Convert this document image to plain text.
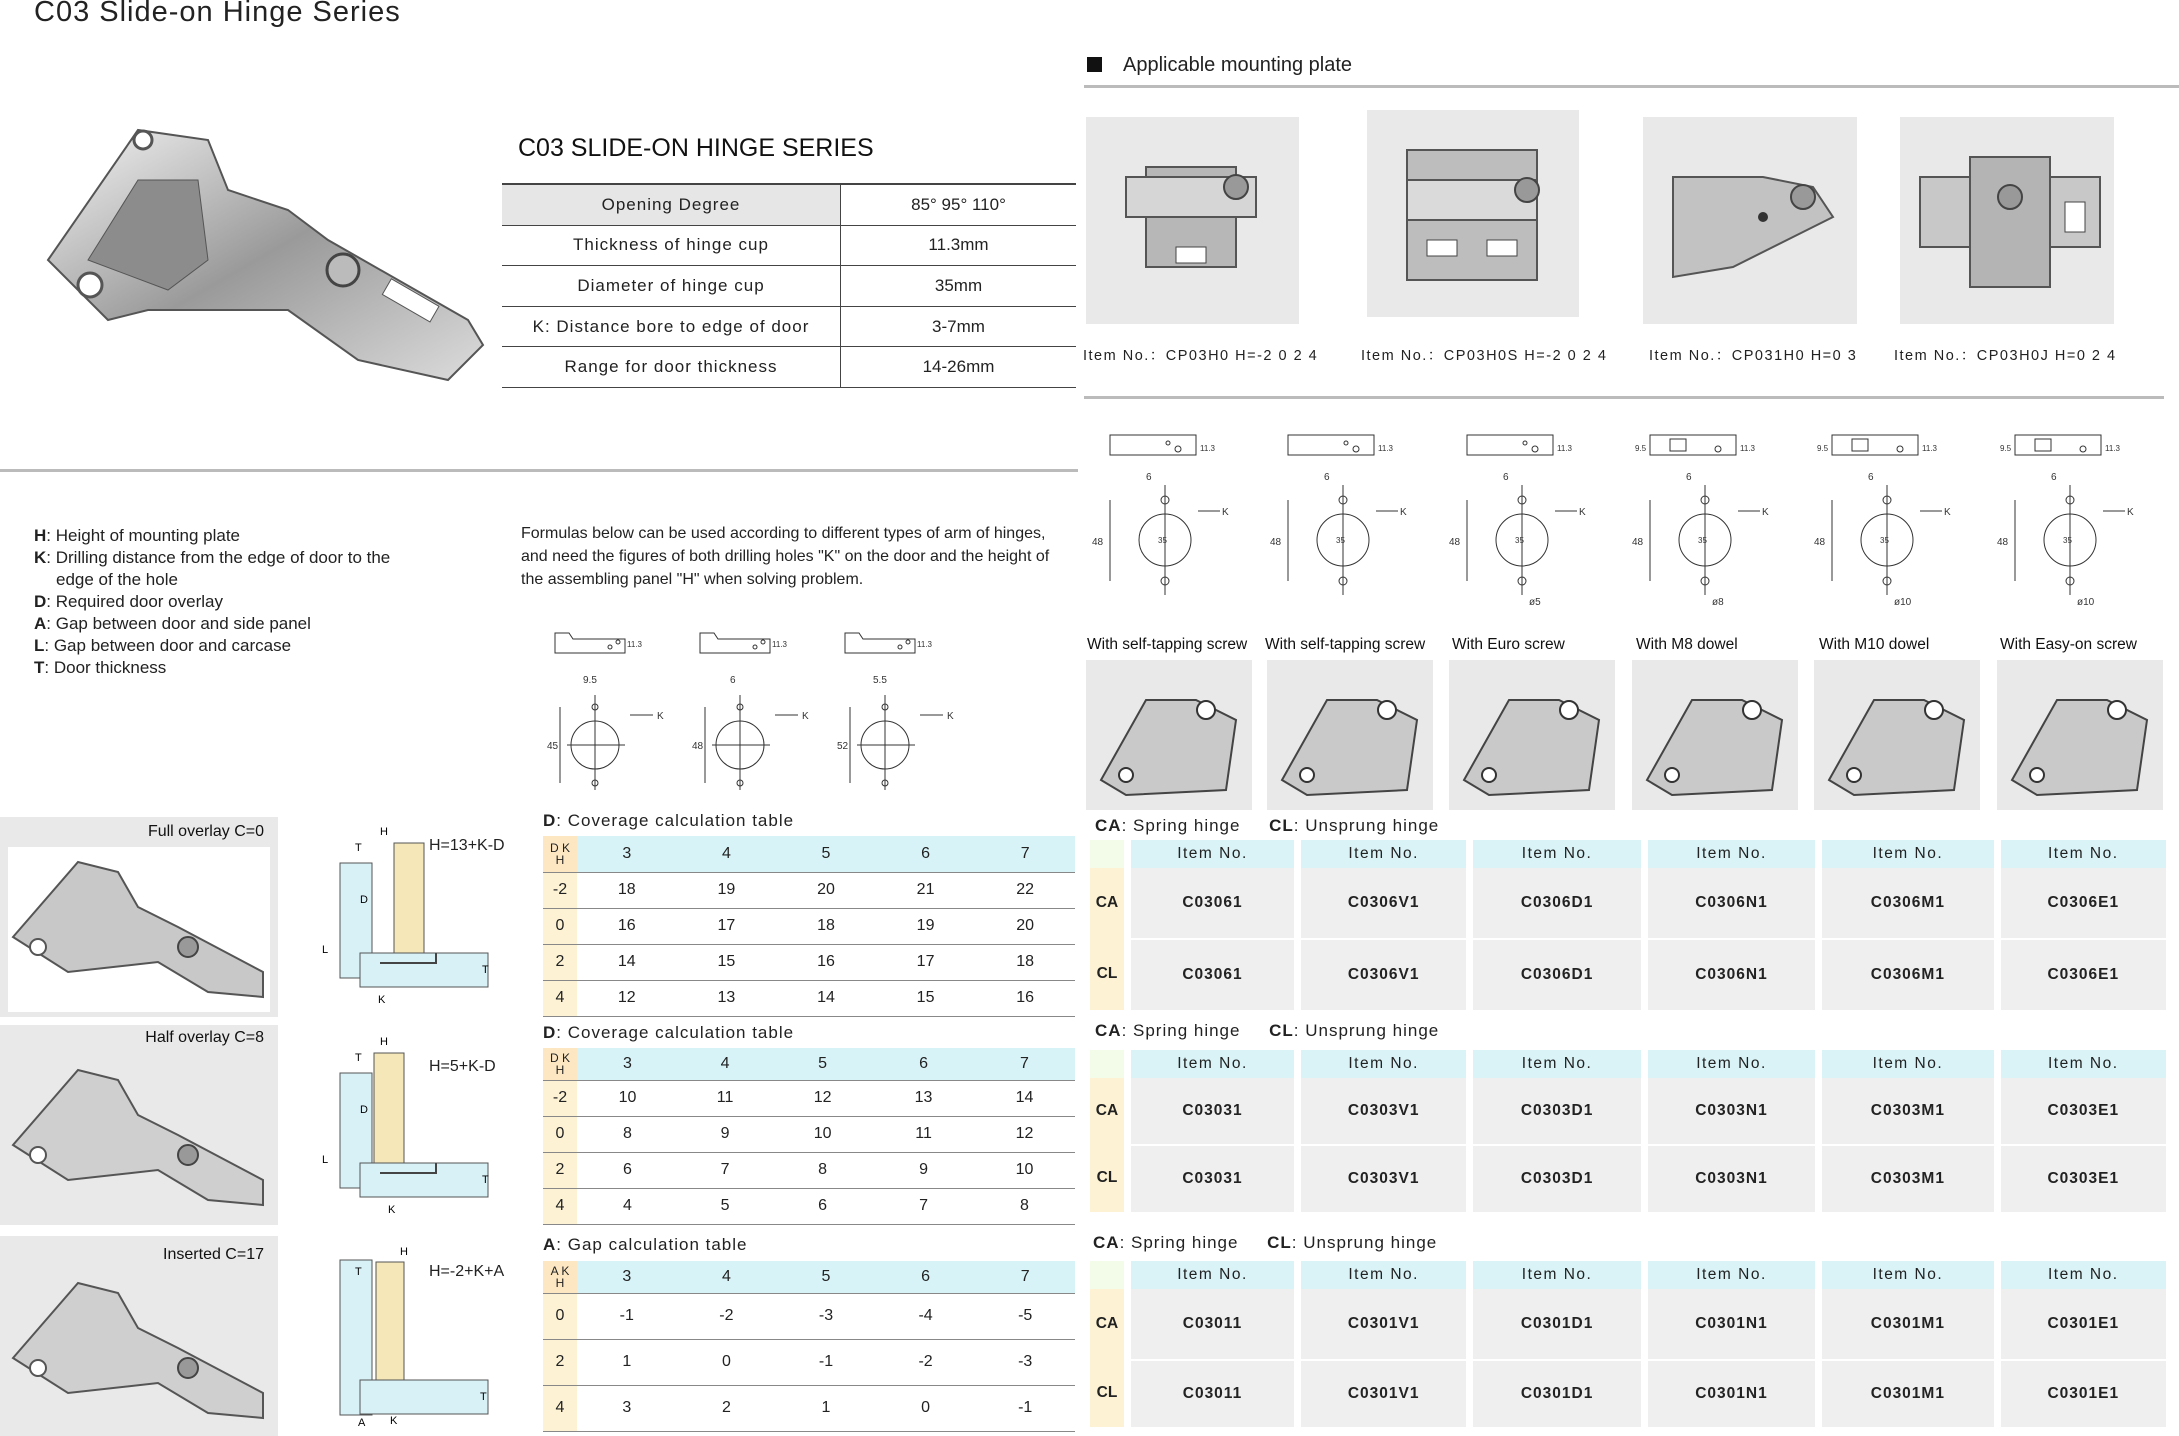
C03 Slide-on Hinge Series
C03 SLIDE-ON HINGE SERIES
Opening Degree	85° 95° 110°
Thickness of hinge cup	11.3mm
Diameter of hinge cup	35mm
K: Distance bore to edge of door	3-7mm
Range for door thickness	14-26mm
H: Height of mounting plate
K: Drilling distance from the edge of door to the
edge of the hole
D: Required door overlay
A: Gap between door and side panel
L: Gap between door and carcase
T: Door thickness
Formulas below can be used according to different types of arm of hinges, and need the figures of both drilling holes "K" on the door and the height of the assembling panel "H" when solving problem.
9.5
45
K
11.3
6
48
K
11.3
5.5
52
K
11.3
Full overlay C=0
Half overlay C=8
Inserted C=17
H
T
D
L
T
K
H=13+K-D
H
T
D
L
T
K
H=5+K-D
H
T
T
A K
H=-2+K+A
D: Coverage calculation table
D K
H	3	4	5	6	7
-2	18	19	20	21	22
0	16	17	18	19	20
2	14	15	16	17	18
4	12	13	14	15	16
D: Coverage calculation table
D K
H	3	4	5	6	7
-2	10	11	12	13	14
0	8	9	10	11	12
2	6	7	8	9	10
4	4	5	6	7	8
A: Gap calculation table
A K
H	3	4	5	6	7
0	-1	-2	-3	-4	-5
2	1	0	-1	-2	-3
4	3	2	1	0	-1
Applicable mounting plate
Item No.：CP03H0 H=-2 0 2 4	Item No.：CP03H0S H=-2 0 2 4	Item No.：CP031H0 H=0 3	Item No.：CP03H0J H=0 2 4
11.3
6
48
K
35
11.3
6
48
K
35
11.3
6
48
K
ø5
35
9.5	11.3
6
48
K
ø8
35
9.5	11.3
6
48
K
ø10
35
9.5	11.3
6
48
K
ø10
35
With self-tapping screw With self-tapping screw With Euro screw	With M8 dowel	With M10 dowel	With Easy-on screw
CA: Spring hinge CL: Unsprung hinge
	Item No.	Item No.	Item No.	Item No.	Item No.	Item No.
CA	C03061	C0306V1	C0306D1	C0306N1	C0306M1	C0306E1
CL	C03061	C0306V1	C0306D1	C0306N1	C0306M1	C0306E1
CA: Spring hinge CL: Unsprung hinge
	Item No.	Item No.	Item No.	Item No.	Item No.	Item No.
CA	C03031	C0303V1	C0303D1	C0303N1	C0303M1	C0303E1
CL	C03031	C0303V1	C0303D1	C0303N1	C0303M1	C0303E1
CA: Spring hinge CL: Unsprung hinge
	Item No.	Item No.	Item No.	Item No.	Item No.	Item No.
CA	C03011	C0301V1	C0301D1	C0301N1	C0301M1	C0301E1
CL	C03011	C0301V1	C0301D1	C0301N1	C0301M1	C0301E1
